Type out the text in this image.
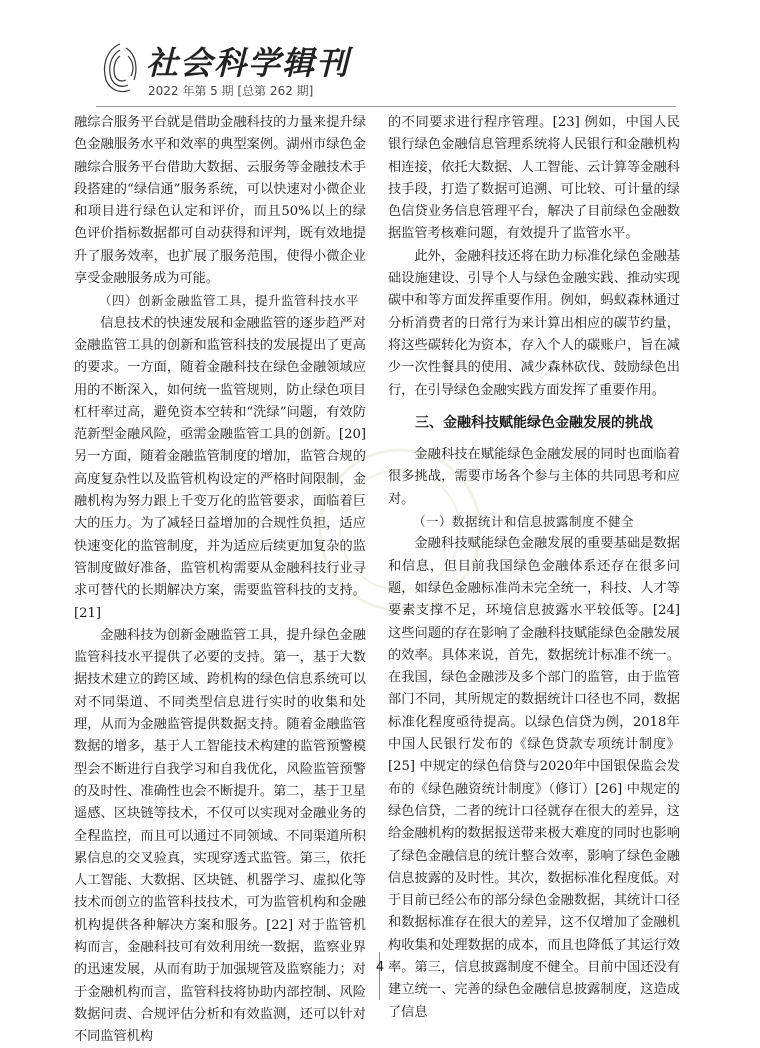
社会科学辑刊
2022 年第 5 期 [总第 262 期]

融综合服务平台就是借助金融科技的力量来提升绿色金融服务水平和效率的典型案例。湖州市绿色金融综合服务平台借助大数据、云服务等金融技术手段搭建的“绿信通”服务系统，可以快速对小微企业和项目进行绿色认定和评价，而且50%以上的绿色评价指标数据都可自动获得和评判，既有效地提升了服务效率，也扩展了服务范围，使得小微企业享受金融服务成为可能。

（四）创新金融监管工具，提升监管科技水平

信息技术的快速发展和金融监管的逐步趋严对金融监管工具的创新和监管科技的发展提出了更高的要求。一方面，随着金融科技在绿色金融领域应用的不断深入，如何统一监管规则，防止绿色项目杠杆率过高，避免资本空转和“洗绿”问题，有效防范新型金融风险，亟需金融监管工具的创新。[20] 另一方面，随着金融监管制度的增加，监管合规的高度复杂性以及监管机构设定的严格时间限制，金融机构为努力跟上千变万化的监管要求，面临着巨大的压力。为了减轻日益增加的合规性负担，适应快速变化的监管制度，并为适应后续更加复杂的监管制度做好准备，监管机构需要从金融科技行业寻求可替代的长期解决方案，需要监管科技的支持。[21]

金融科技为创新金融监管工具，提升绿色金融监管科技水平提供了必要的支持。第一，基于大数据技术建立的跨区域、跨机构的绿色信息系统可以对不同渠道、不同类型信息进行实时的收集和处理，从而为金融监管提供数据支持。随着金融监管数据的增多，基于人工智能技术构建的监管预警模型会不断进行自我学习和自我优化，风险监管预警的及时性、准确性也会不断提升。第二，基于卫星遥感、区块链等技术，不仅可以实现对金融业务的全程监控，而且可以通过不同领域、不同渠道所积累信息的交叉验真，实现穿透式监管。第三，依托人工智能、大数据、区块链、机器学习、虚拟化等技术而创立的监管科技技术，可为监管机构和金融机构提供各种解决方案和服务。[22] 对于监管机构而言，金融科技可有效利用统一数据，监察业界的迅速发展，从而有助于加强规管及监察能力；对于金融机构而言，监管科技将协助内部控制、风险数据问责、合规评估分析和有效监测，还可以针对不同监管机构

的不同要求进行程序管理。[23] 例如，中国人民银行绿色金融信息管理系统将人民银行和金融机构相连接，依托大数据、人工智能、云计算等金融科技手段，打造了数据可追溯、可比较、可计量的绿色信贷业务信息管理平台，解决了目前绿色金融数据监管考核难问题，有效提升了监管水平。

此外，金融科技还将在助力标准化绿色金融基础设施建设、引导个人与绿色金融实践、推动实现碳中和等方面发挥重要作用。例如，蚂蚁森林通过分析消费者的日常行为来计算出相应的碳节约量，将这些碳转化为资本，存入个人的碳账户，旨在减少一次性餐具的使用、减少森林砍伐、鼓励绿色出行，在引导绿色金融实践方面发挥了重要作用。

三、金融科技赋能绿色金融发展的挑战

金融科技在赋能绿色金融发展的同时也面临着很多挑战，需要市场各个参与主体的共同思考和应对。

（一）数据统计和信息披露制度不健全

金融科技赋能绿色金融发展的重要基础是数据和信息，但目前我国绿色金融体系还存在很多问题，如绿色金融标准尚未完全统一，科技、人才等要素支撑不足，环境信息披露水平较低等。[24] 这些问题的存在影响了金融科技赋能绿色金融发展的效率。具体来说，首先，数据统计标准不统一。在我国，绿色金融涉及多个部门的监管，由于监管部门不同，其所规定的数据统计口径也不同，数据标准化程度亟待提高。以绿色信贷为例，2018年中国人民银行发布的《绿色贷款专项统计制度》[25] 中规定的绿色信贷与2020年中国银保监会发布的《绿色融资统计制度》（修订）[26] 中规定的绿色信贷，二者的统计口径就存在很大的差异，这给金融机构的数据报送带来极大难度的同时也影响了绿色金融信息的统计整合效率，影响了绿色金融信息披露的及时性。其次，数据标准化程度低。对于目前已经公布的部分绿色金融数据，其统计口径和数据标准存在很大的差异，这不仅增加了金融机构收集和处理数据的成本，而且也降低了其运行效率。第三，信息披露制度不健全。目前中国还没有建立统一、完善的绿色金融信息披露制度，这造成了信息

4
